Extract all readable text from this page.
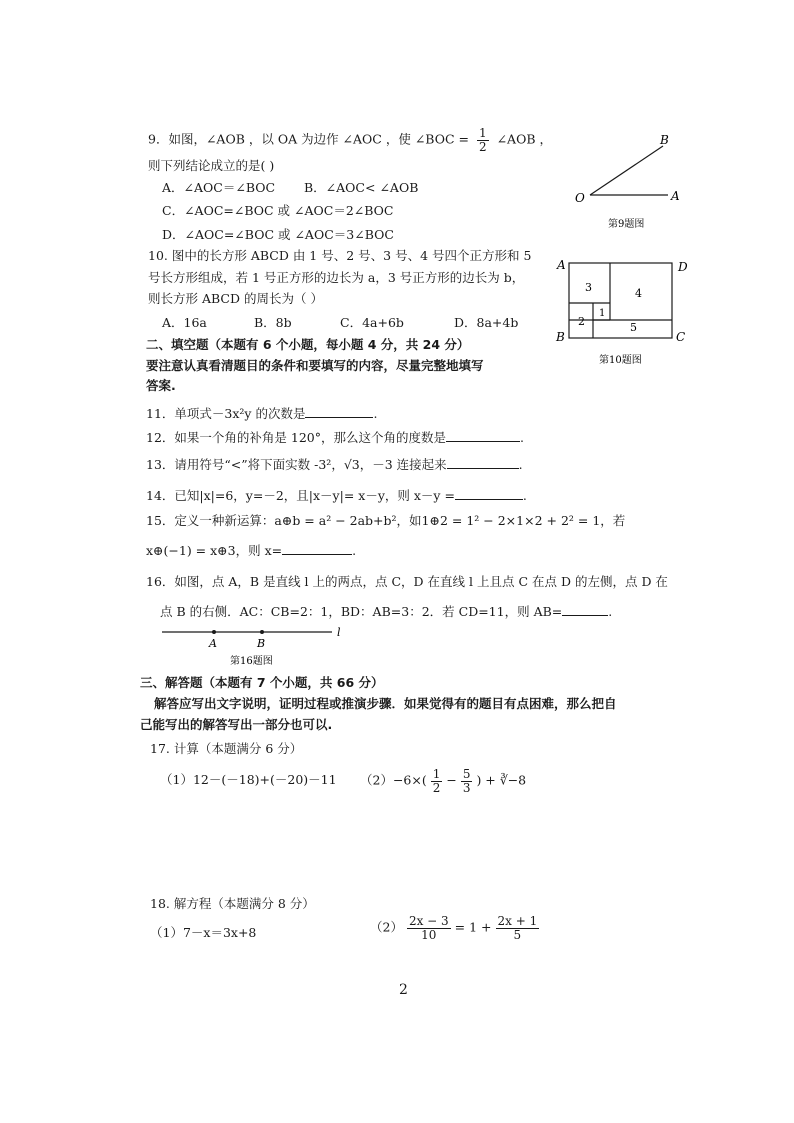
9．如图，∠AOB ，以 OA 为边作 ∠AOC ，使 ∠BOC = $\frac{1}{2}$ ∠AOB ，
则下列结论成立的是( )
A．∠AOC＝∠BOC B．∠AOC< ∠AOB
C．∠AOC=∠BOC 或 ∠AOC＝2∠BOC
D．∠AOC=∠BOC 或 ∠AOC＝3∠BOC
B
O	A
第9题图
10. 图中的长方形 ABCD 由 1 号、2 号、3 号、4 号四个正方形和 5
号长方形组成，若 1 号正方形的边长为 a，3 号正方形的边长为 b，
则长方形 ABCD 的周长为（ ）
A．16a	B．8b	C．4a+6b	D．8a+4b
A	D
B	C
3	4
1
2	5
第10题图
二、填空题（本题有 6 个小题，每小题 4 分，共 24 分）
要注意认真看清题目的条件和要填写的内容，尽量完整地填写
答案.
11．单项式－3x²y 的次数是	.
12．如果一个角的补角是 120°，那么这个角的度数是	.
13．请用符号“<”将下面实数 -3²，√3，－3 连接起来	.
14．已知|x|=6，y=－2，且|x－y|= x－y，则 x－y =	.
15．定义一种新运算：a⊕b = a² − 2ab+b²，如1⊕2 = 1² − 2×1×2 + 2² = 1，若
x⊕(−1) = x⊕3，则 x=	.
16．如图，点 A，B 是直线 l 上的两点，点 C，D 在直线 l 上且点 C 在点 D 的左侧，点 D 在
点 B 的右侧．AC：CB=2：1，BD：AB=3：2．若 CD=11，则 AB=	.
A	B
l
第16题图
三、解答题（本题有 7 个小题，共 66 分）
解答应写出文字说明，证明过程或推演步骤．如果觉得有的题目有点困难，那么把自
己能写出的解答写出一部分也可以.
17. 计算（本题满分 6 分）
（1）12－(－18)+(－20)－11 $(2)-6\times( \frac{1}{2} - \frac{5}{3}$ ) + ∛−8
18. 解方程（本题满分 8 分）
（1）7－x＝3x+8	$(2) \frac{2x - 3}{10} = 1 + \frac{2x + 1}{5}$
2
